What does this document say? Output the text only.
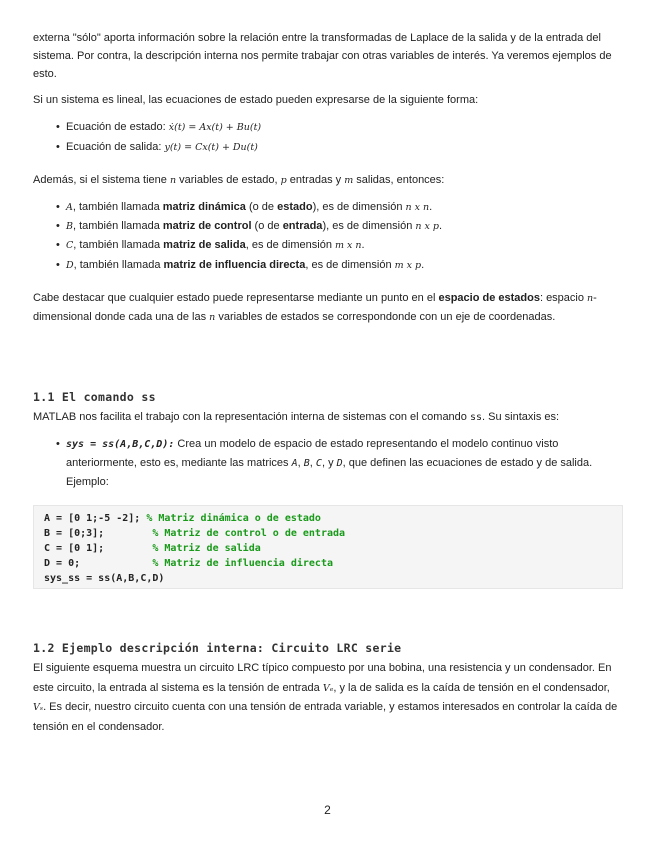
externa "sólo" aporta información sobre la relación entre la transformadas de Laplace de la salida y de la entrada del sistema. Por contra, la descripción interna nos permite trabajar con otras variables de interés. Ya veremos ejemplos de esto.

Si un sistema es lineal, las ecuaciones de estado pueden expresarse de la siguiente forma:

• Ecuación de estado: ẋ(t) = Ax(t) + Bu(t)

• Ecuación de salida: y(t) = Cx(t) + Du(t)

Además, si el sistema tiene n variables de estado, p entradas y m salidas, entonces:

• A, también llamada matriz dinámica (o de estado), es de dimensión n x n.

• B, también llamada matriz de control (o de entrada), es de dimensión n x p.

• C, también llamada matriz de salida, es de dimensión m x n.

• D, también llamada matriz de influencia directa, es de dimensión m x p.

Cabe destacar que cualquier estado puede representarse mediante un punto en el espacio de estados: espacio n-dimensional donde cada una de las n variables de estados se correspondonde con un eje de coordenadas.

1.1 El comando ss

MATLAB nos facilita el trabajo con la representación interna de sistemas con el comando ss. Su sintaxis es:

• sys = ss(A,B,C,D): Crea un modelo de espacio de estado representando el modelo continuo visto anteriormente, esto es, mediante las matrices A, B, C, y D, que definen las ecuaciones de estado y de salida. Ejemplo:

A = [0 1;-5 -2]; % Matriz dinámica o de estado
B = [0;3];        % Matriz de control o de entrada
C = [0 1];        % Matriz de salida
D = 0;            % Matriz de influencia directa
sys_ss = ss(A,B,C,D)
1.2 Ejemplo descripción interna: Circuito LRC serie

El siguiente esquema muestra un circuito LRC típico compuesto por una bobina, una resistencia y un condensador. En este circuito, la entrada al sistema es la tensión de entrada Vₑ, y la de salida es la caída de tensión en el condensador, Vₛ. Es decir, nuestro circuito cuenta con una tensión de entrada variable, y estamos interesados en controlar la caída de tensión en el condensador.

2
